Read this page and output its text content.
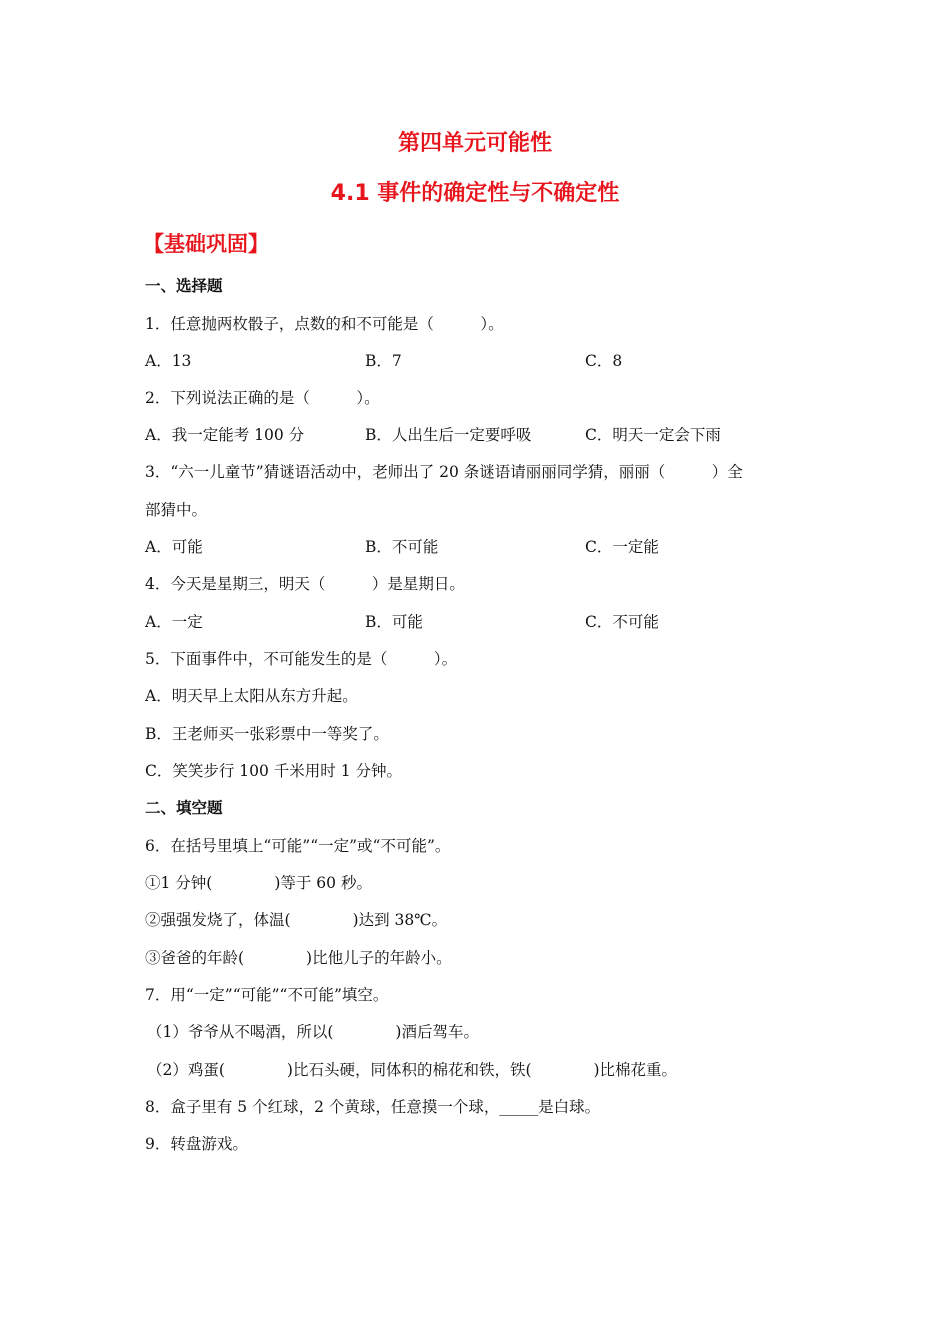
第四单元可能性
4.1 事件的确定性与不确定性
【基础巩固】
一、选择题
1．任意抛两枚骰子，点数的和不可能是（　　　）。
A．13	B．7	C．8
2．下列说法正确的是（　　　）。
A．我一定能考 100 分	B．人出生后一定要呼吸	C．明天一定会下雨
3．“六一儿童节”猜谜语活动中，老师出了 20 条谜语请丽丽同学猜，丽丽（　　　）全
部猜中。
A．可能	B．不可能	C．一定能
4．今天是星期三，明天（　　　）是星期日。
A．一定	B．可能	C．不可能
5．下面事件中，不可能发生的是（　　　）。
A．明天早上太阳从东方升起。
B．王老师买一张彩票中一等奖了。
C．笑笑步行 100 千米用时 1 分钟。
二、填空题
6．在括号里填上“可能”“一定”或“不可能”。
①1 分钟(　　　　)等于 60 秒。
②强强发烧了，体温(　　　　)达到 38℃。
③爸爸的年龄(　　　　)比他儿子的年龄小。
7．用“一定”“可能”“不可能”填空。
（1）爷爷从不喝酒，所以(　　　　)酒后驾车。
（2）鸡蛋(　　　　)比石头硬，同体积的棉花和铁，铁(　　　　)比棉花重。
8．盒子里有 5 个红球，2 个黄球，任意摸一个球，_____是白球。
9．转盘游戏。
